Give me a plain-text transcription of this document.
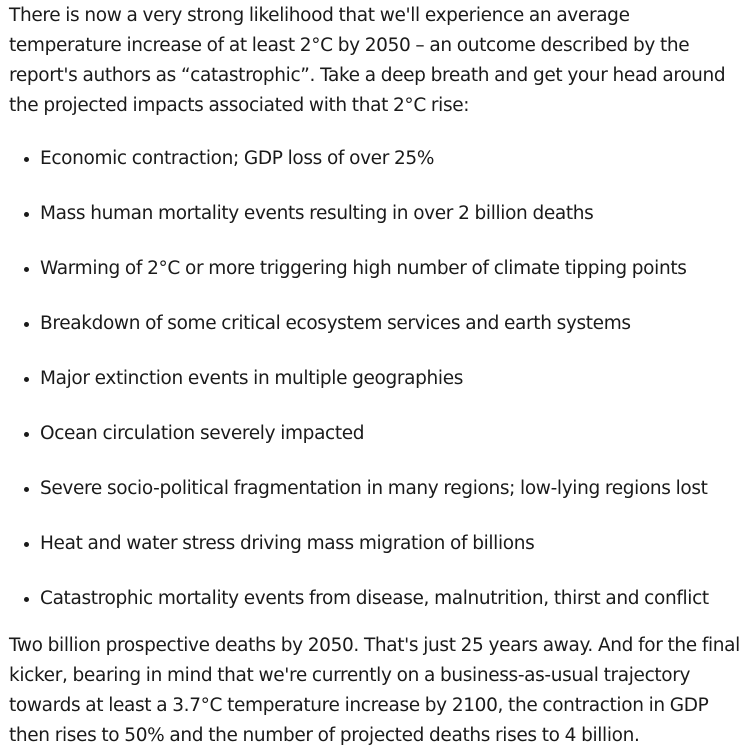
There is now a very strong likelihood that we'll experience an average temperature increase of at least 2°C by 2050 – an outcome described by the report's authors as “catastrophic”. Take a deep breath and get your head around the projected impacts associated with that 2°C rise:

Economic contraction; GDP loss of over 25%
Mass human mortality events resulting in over 2 billion deaths
Warming of 2°C or more triggering high number of climate tipping points
Breakdown of some critical ecosystem services and earth systems
Major extinction events in multiple geographies
Ocean circulation severely impacted
Severe socio-political fragmentation in many regions; low-lying regions lost
Heat and water stress driving mass migration of billions
Catastrophic mortality events from disease, malnutrition, thirst and conflict

Two billion prospective deaths by 2050. That's just 25 years away. And for the final kicker, bearing in mind that we're currently on a business-as-usual trajectory towards at least a 3.7°C temperature increase by 2100, the contraction in GDP then rises to 50% and the number of projected deaths rises to 4 billion.
